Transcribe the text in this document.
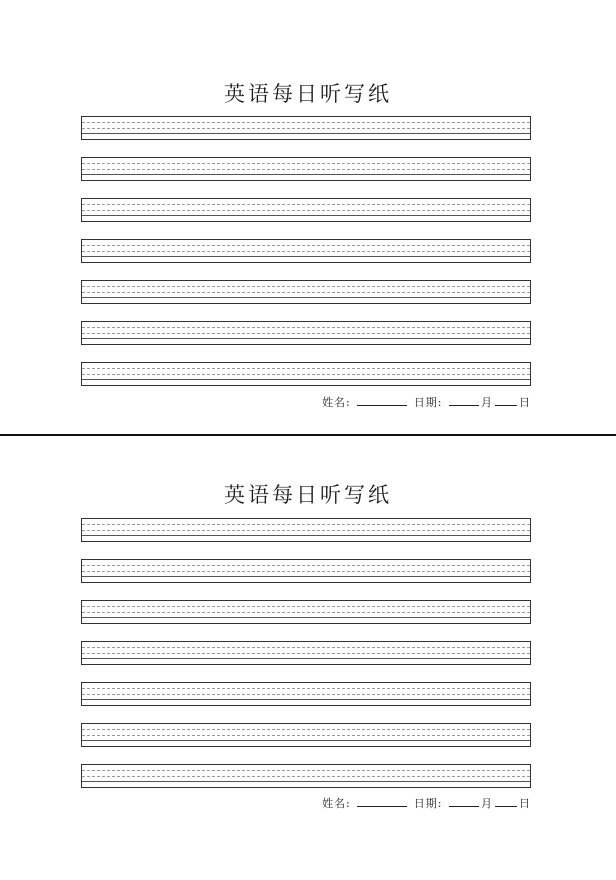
英语每日听写纸
姓名:	日期:	月 日
英语每日听写纸
姓名:	日期:	月 日
